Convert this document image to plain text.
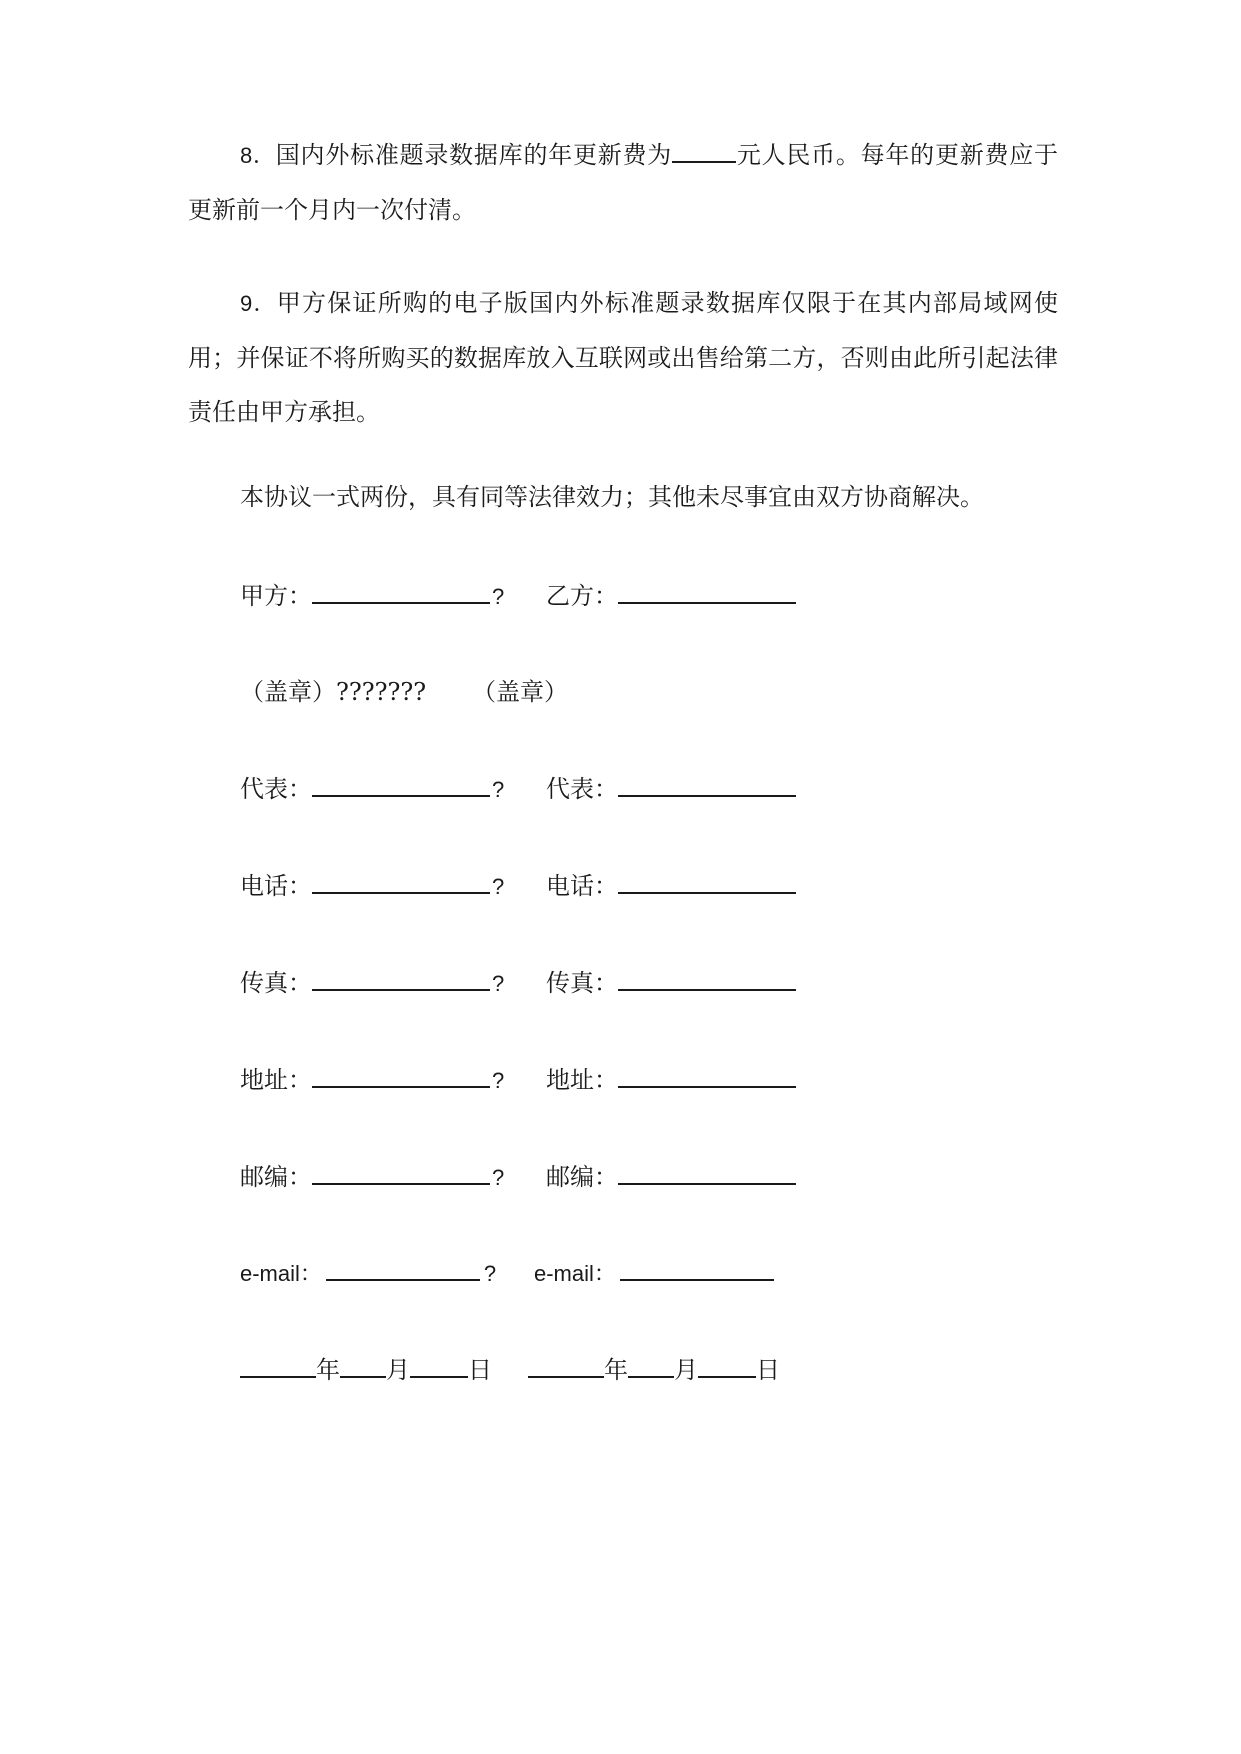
8．国内外标准题录数据库的年更新费为	元人民币。每年的更新费应于更新前一个月内一次付清。

9．甲方保证所购的电子版国内外标准题录数据库仅限于在其内部局域网使用；并保证不将所购买的数据库放入互联网或出售给第二方，否则由此所引起法律责任由甲方承担。

本协议一式两份，具有同等法律效力；其他未尽事宜由双方协商解决。

甲方：	? 乙方：
（盖章）??????? （盖章）
代表：	? 代表：
电话：	? 电话：
传真：	? 传真：
地址：	? 地址：
邮编：	? 邮编：
e-mail：	? e-mail：
年 月 日	年 月 日
